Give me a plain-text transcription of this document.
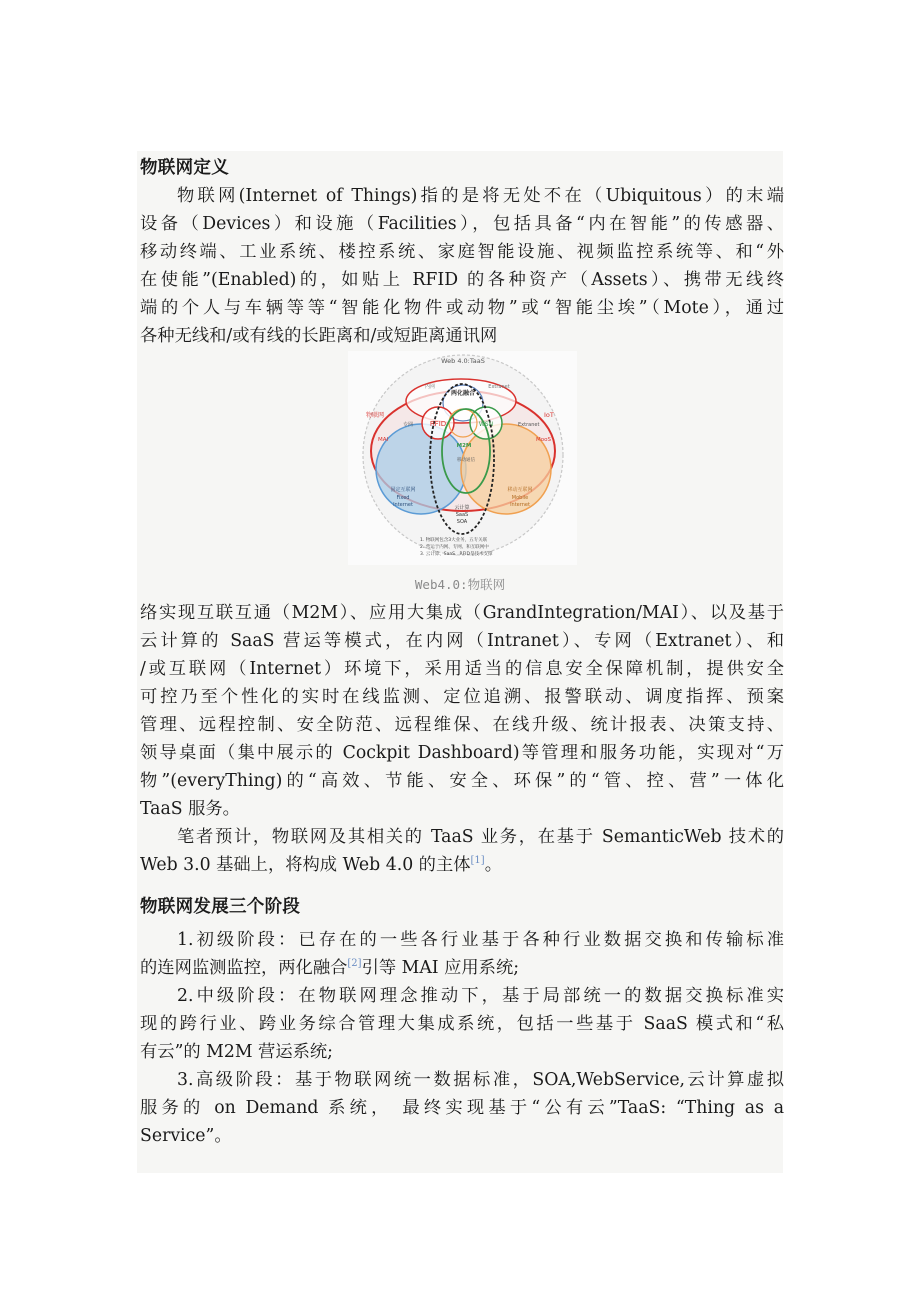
物联网定义
物联网(Internet of Things)指的是将无处不在（Ubiquitous）的末端
设备（Devices）和设施（Facilities），包括具备“内在智能”的传感器、
移动终端、工业系统、楼控系统、家庭智能设施、视频监控系统等、和“外
在使能”(Enabled)的，如贴上 RFID 的各种资产（Assets）、携带无线终
端的个人与车辆等等“智能化物件或动物”或“智能尘埃”（Mote），通过
各种无线和/或有线的长距离和/或短距离通讯网
Web 4.0:TaaS
两化融合
内网	Extranet
物联网	IoT
专网 RFID	WSN	Extranet
MAI	MooS
M2M
移动通信
固定互联网
Fixed
Internet
移动互联网
Mobile
Internet
云计算
SaaS
SOA
1. 物联网包含3大业务，五专关联
2. 营运于内网、专网、和互联网中
3. 云计算、SaaS、RFID是技术支撑
Web4.0:物联网
络实现互联互通（M2M）、应用大集成（GrandIntegration/MAI）、以及基于
云计算的 SaaS 营运等模式，在内网（Intranet）、专网（Extranet）、和
/或互联网（Internet）环境下，采用适当的信息安全保障机制，提供安全
可控乃至个性化的实时在线监测、定位追溯、报警联动、调度指挥、预案
管理、远程控制、安全防范、远程维保、在线升级、统计报表、决策支持、
领导桌面（集中展示的 Cockpit Dashboard)等管理和服务功能，实现对“万
物”(everyThing)的“高效、节能、安全、环保”的“管、控、营”一体化
TaaS 服务。
笔者预计，物联网及其相关的 TaaS 业务，在基于 SemanticWeb 技术的
Web 3.0 基础上，将构成 Web 4.0 的主体[1]。
物联网发展三个阶段
1.初级阶段：已存在的一些各行业基于各种行业数据交换和传输标准
的连网监测监控，两化融合[2]引等 MAI 应用系统;
2.中级阶段：在物联网理念推动下，基于局部统一的数据交换标准实
现的跨行业、跨业务综合管理大集成系统，包括一些基于 SaaS 模式和“私
有云”的 M2M 营运系统;
3.高级阶段：基于物联网统一数据标准，SOA,WebService,云计算虚拟
服务的 on Demand 系统， 最终实现基于“公有云”TaaS: “Thing as a
Service”。
